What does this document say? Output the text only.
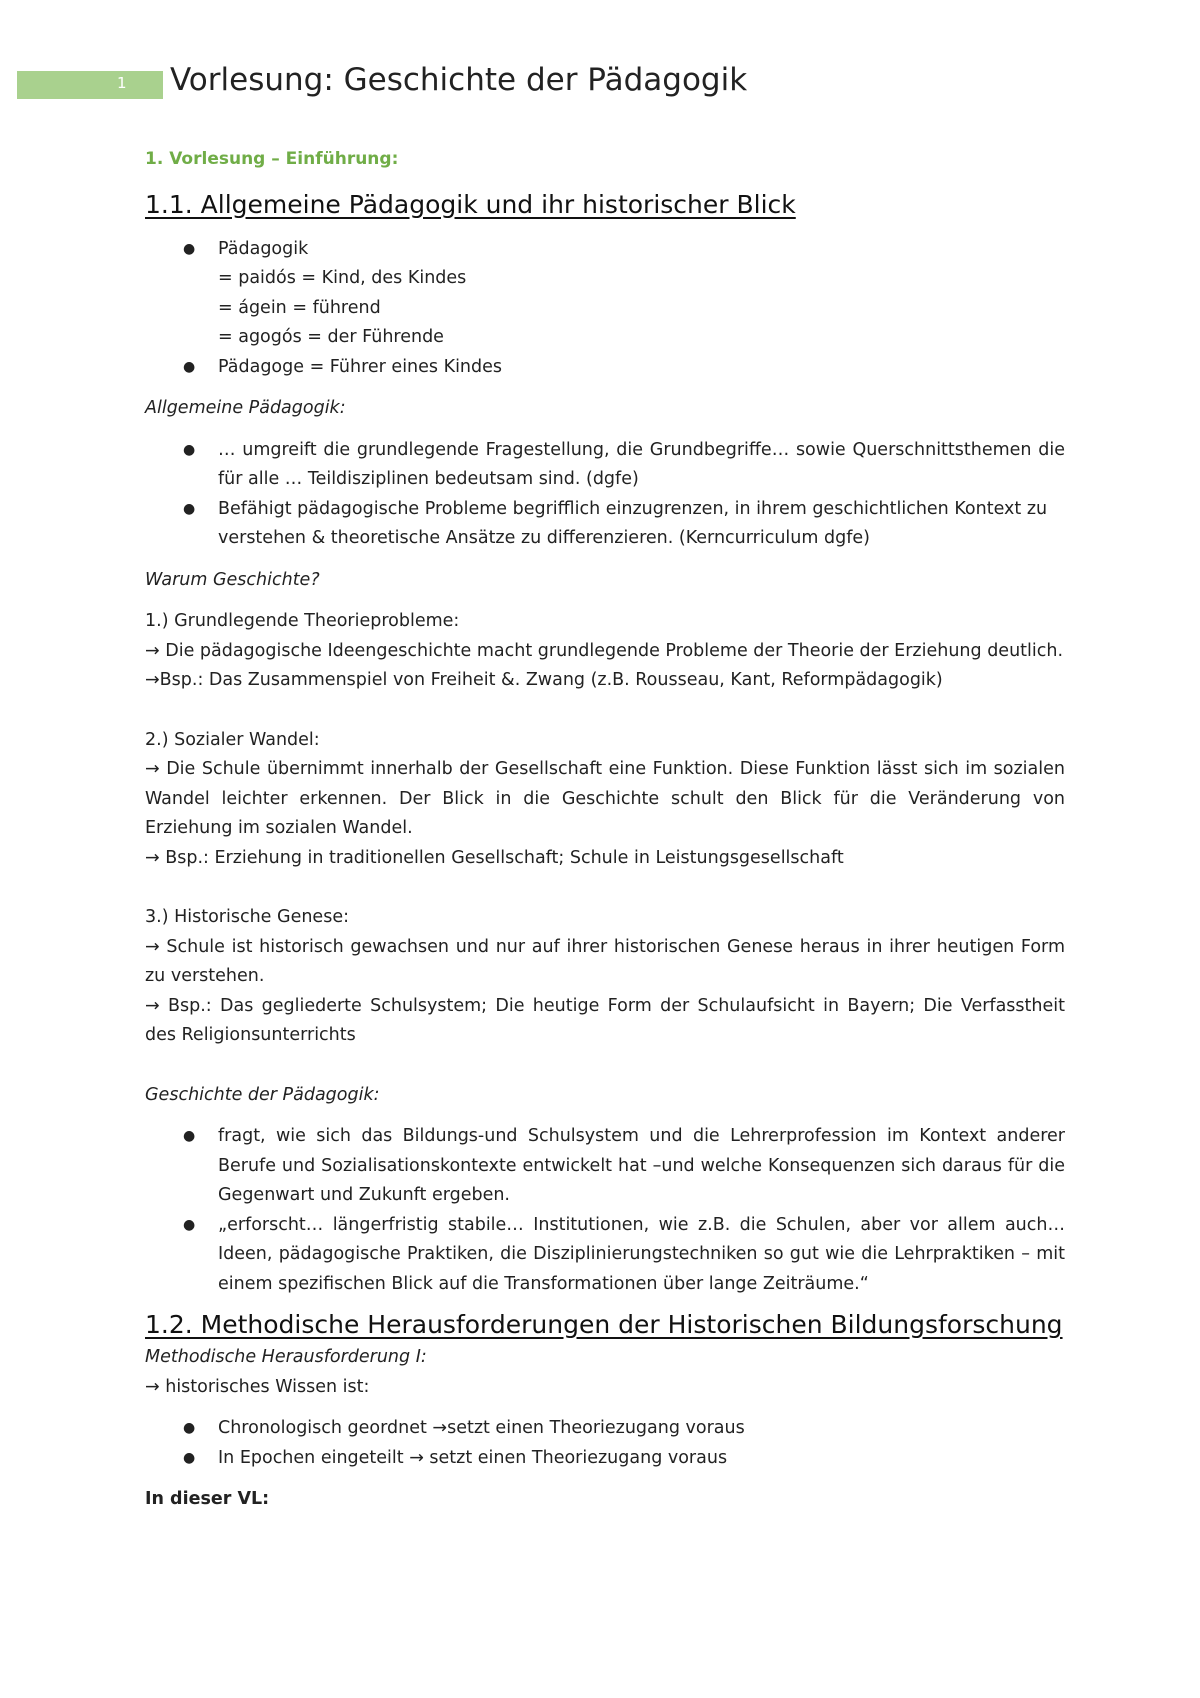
1	Vorlesung: Geschichte der Pädagogik

1. Vorlesung – Einführung:

1.1. Allgemeine Pädagogik und ihr historischer Blick
● Pädagogik
= paidós = Kind, des Kindes
= ágein = führend
= agogós = der Führende
● Pädagoge = Führer eines Kindes

Allgemeine Pädagogik:

● … umgreift die grundlegende Fragestellung, die Grundbegriffe… sowie Querschnittsthemen die für alle … Teildisziplinen bedeutsam sind. (dgfe)
● Befähigt pädagogische Probleme begrifflich einzugrenzen, in ihrem geschichtlichen Kontext zu verstehen & theoretische Ansätze zu differenzieren. (Kerncurriculum dgfe)

Warum Geschichte?

1.) Grundlegende Theorieprobleme:

→ Die pädagogische Ideengeschichte macht grundlegende Probleme der Theorie der Erziehung deutlich.

→Bsp.: Das Zusammenspiel von Freiheit &. Zwang (z.B. Rousseau, Kant, Reformpädagogik)

2.) Sozialer Wandel:

→ Die Schule übernimmt innerhalb der Gesellschaft eine Funktion. Diese Funktion lässt sich im sozialen Wandel leichter erkennen. Der Blick in die Geschichte schult den Blick für die Veränderung von Erziehung im sozialen Wandel.

→ Bsp.: Erziehung in traditionellen Gesellschaft; Schule in Leistungsgesellschaft

3.) Historische Genese:

→ Schule ist historisch gewachsen und nur auf ihrer historischen Genese heraus in ihrer heutigen Form zu verstehen.

→ Bsp.: Das gegliederte Schulsystem; Die heutige Form der Schulaufsicht in Bayern; Die Verfasstheit des Religionsunterrichts

Geschichte der Pädagogik:

● fragt, wie sich das Bildungs-und Schulsystem und die Lehrerprofession im Kontext anderer Berufe und Sozialisationskontexte entwickelt hat –und welche Konsequenzen sich daraus für die Gegenwart und Zukunft ergeben.
● „erforscht… längerfristig stabile… Institutionen, wie z.B. die Schulen, aber vor allem auch… Ideen, pädagogische Praktiken, die Disziplinierungstechniken so gut wie die Lehrpraktiken – mit einem spezifischen Blick auf die Transformationen über lange Zeiträume.“
1.2. Methodische Herausforderungen der Historischen Bildungsforschung

Methodische Herausforderung I:

→ historisches Wissen ist:

● Chronologisch geordnet →setzt einen Theoriezugang voraus
● In Epochen eingeteilt → setzt einen Theoriezugang voraus

In dieser VL:
